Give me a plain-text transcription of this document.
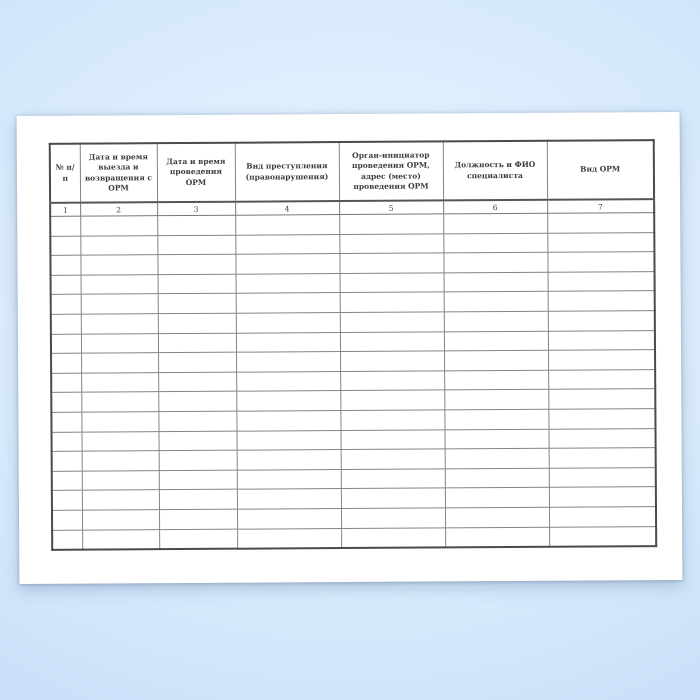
№ п/п	Дата и время выезда и возвращения с ОРМ	Дата и время проведения ОРМ	Вид преступления (правонарушения)	Орган-инициатор проведения ОРМ, адрес (место) проведения ОРМ	Должность и ФИО специалиста	Вид ОРМ
1	2	3	4	5	6	7
